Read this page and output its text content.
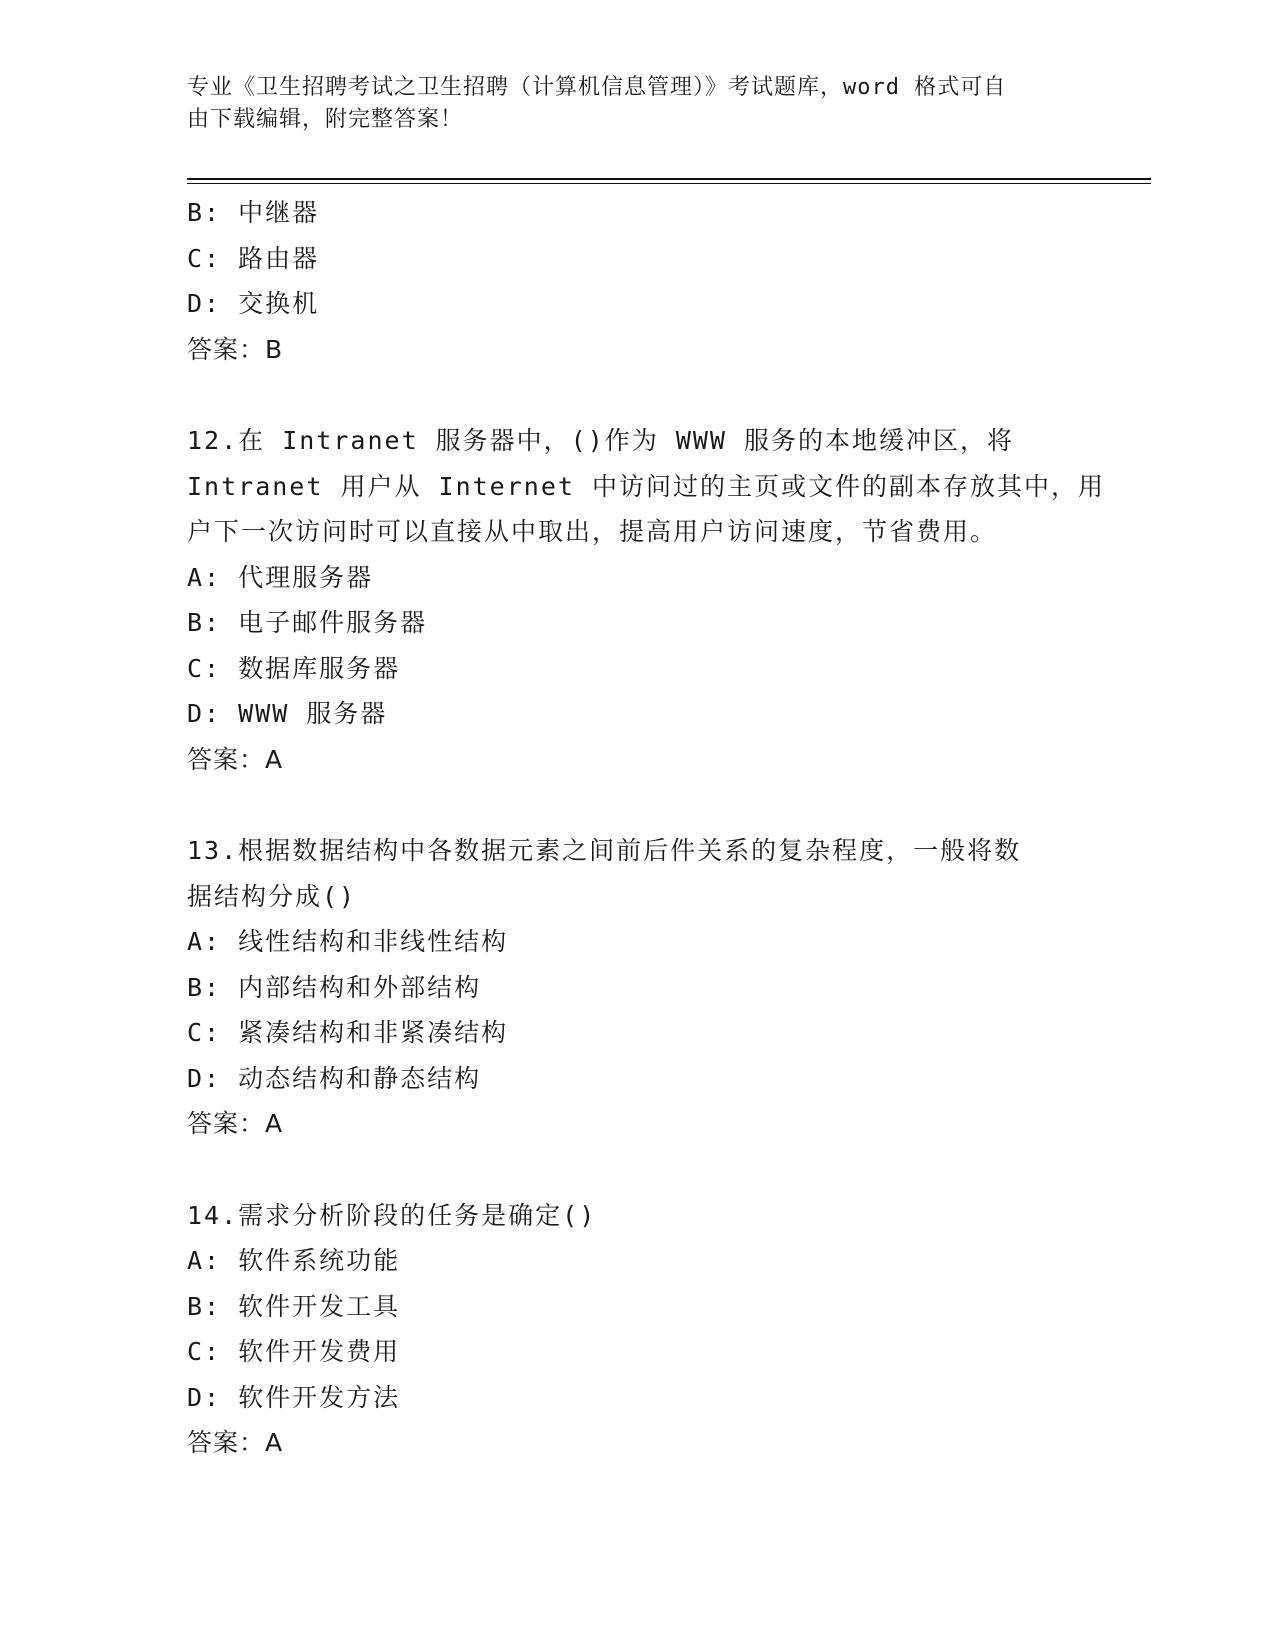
专业《卫生招聘考试之卫生招聘（计算机信息管理）》考试题库，word 格式可自
由下载编辑，附完整答案！
B: 中继器
C: 路由器
D: 交换机
答案：B
12.在 Intranet 服务器中，()作为 WWW 服务的本地缓冲区，将
Intranet 用户从 Internet 中访问过的主页或文件的副本存放其中，用
户下一次访问时可以直接从中取出，提高用户访问速度，节省费用。
A: 代理服务器
B: 电子邮件服务器
C: 数据库服务器
D: WWW 服务器
答案：A
13.根据数据结构中各数据元素之间前后件关系的复杂程度，一般将数
据结构分成()
A: 线性结构和非线性结构
B: 内部结构和外部结构
C: 紧凑结构和非紧凑结构
D: 动态结构和静态结构
答案：A
14.需求分析阶段的任务是确定()
A: 软件系统功能
B: 软件开发工具
C: 软件开发费用
D: 软件开发方法
答案：A
